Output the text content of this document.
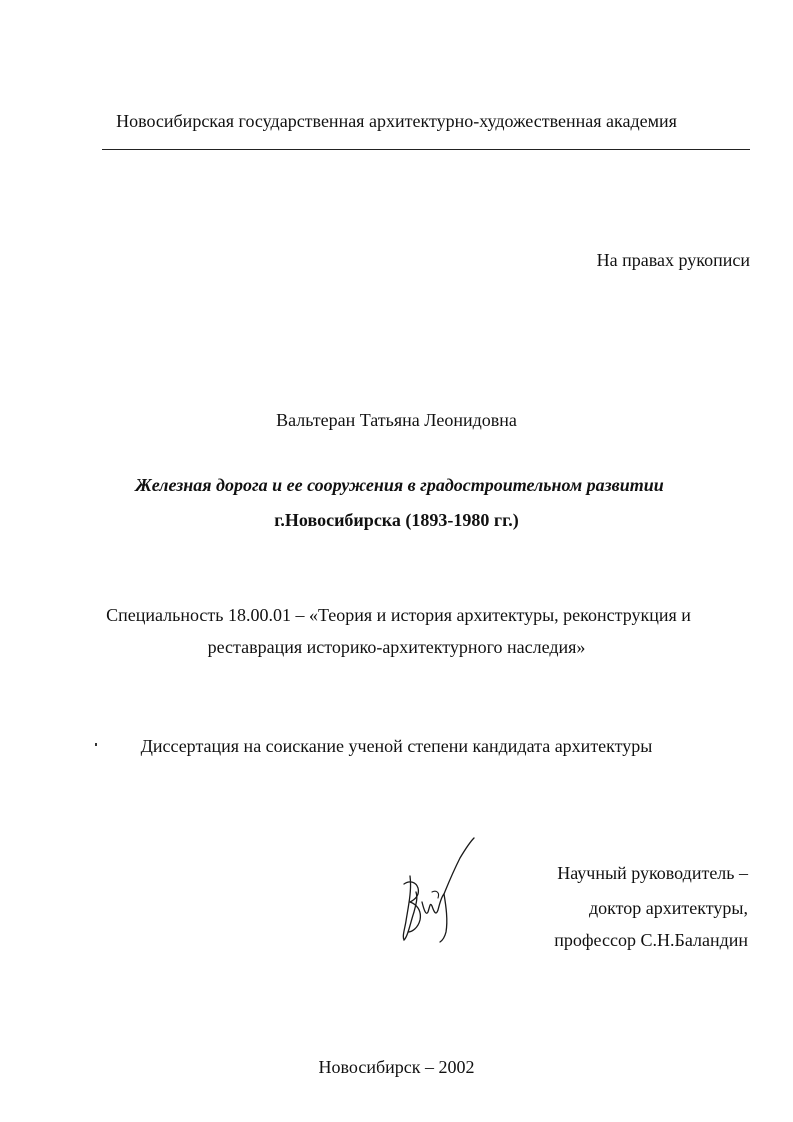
Новосибирская государственная архитектурно-художественная академия
На правах рукописи
Вальтеран Татьяна Леонидовна
Железная дорога и ее сооружения в градостроительном развитии
г.Новосибирска (1893-1980 гг.)
Специальность 18.00.01 – «Теория и история архитектуры, реконструкция и
реставрация историко-архитектурного наследия»
Диссертация на соискание ученой степени кандидата архитектуры
Научный руководитель –
доктор архитектуры,
профессор С.Н.Баландин
Новосибирск – 2002
